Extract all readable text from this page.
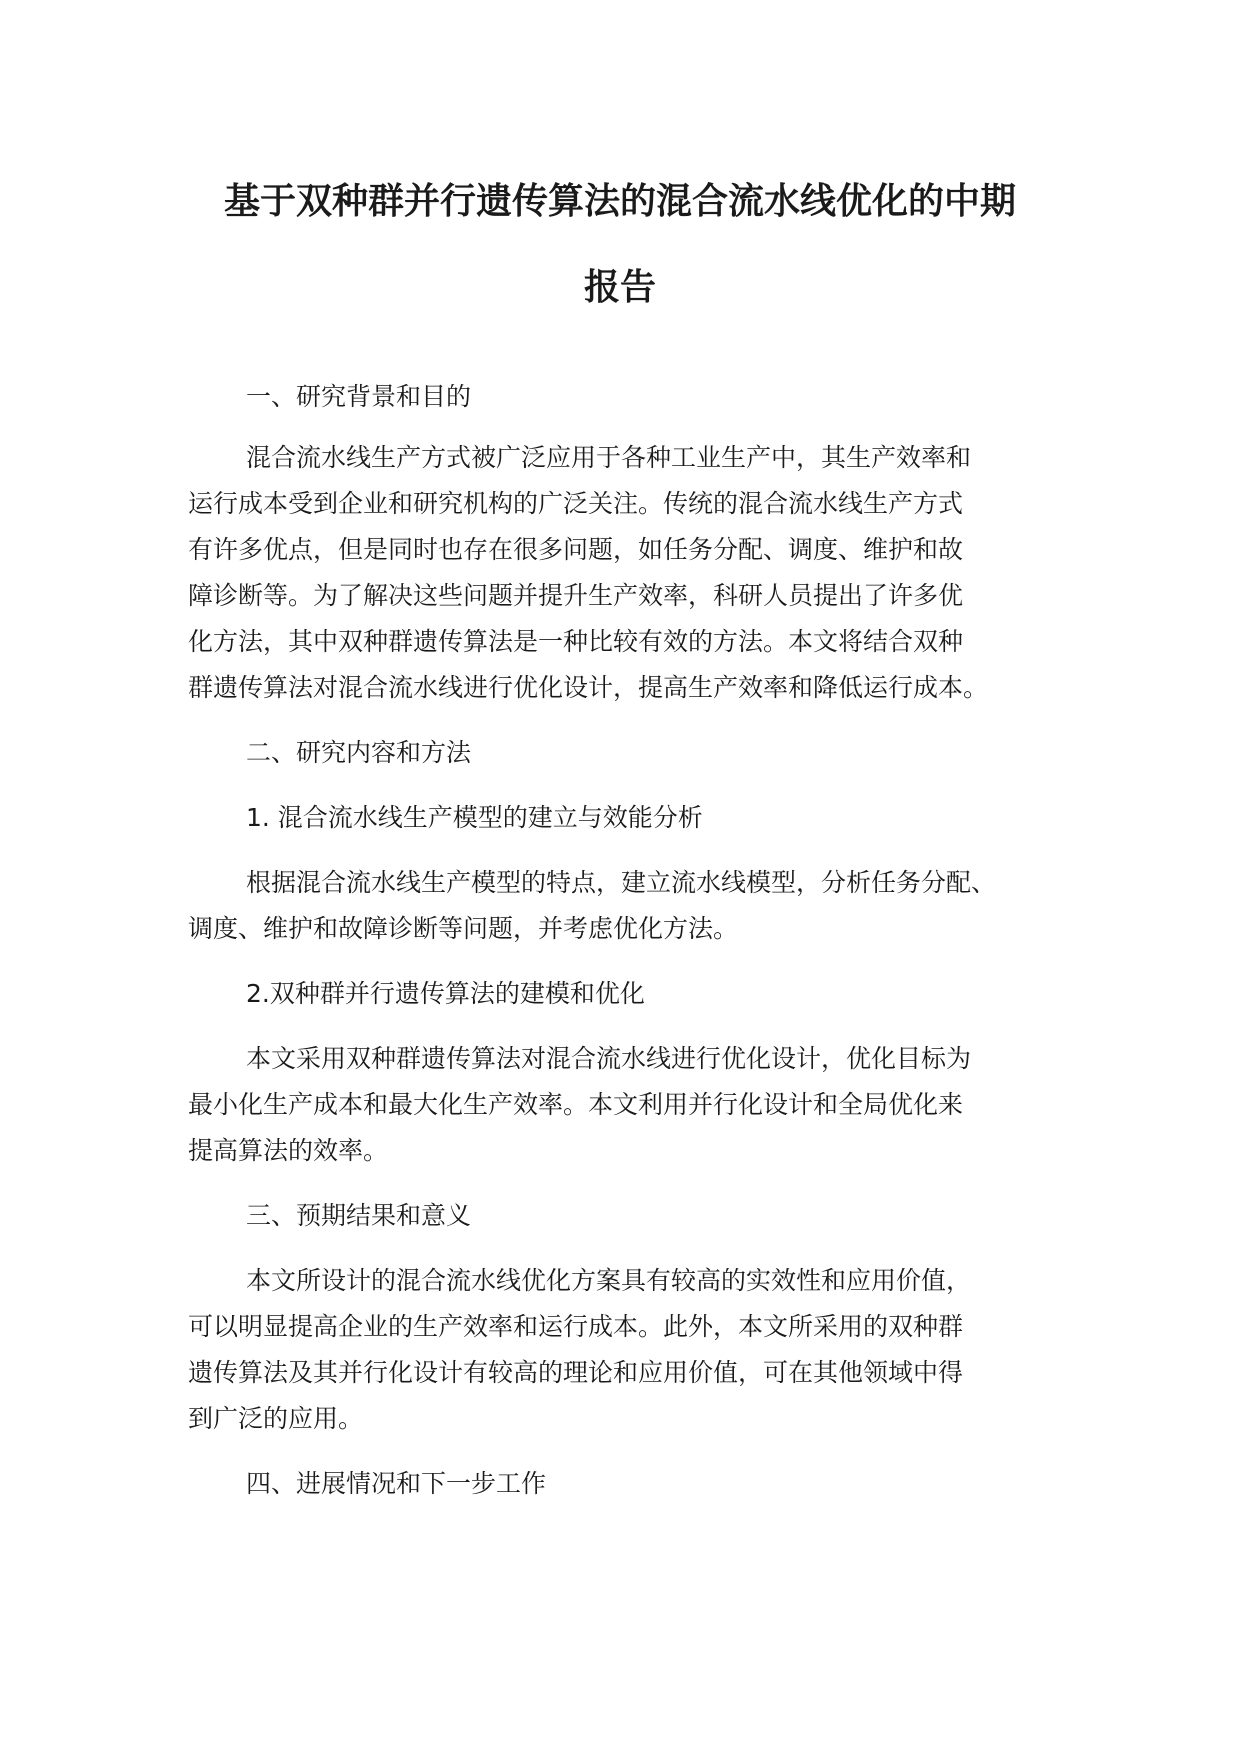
基于双种群并行遗传算法的混合流水线优化的中期
报告

一、研究背景和目的

混合流水线生产方式被广泛应用于各种工业生产中，其生产效率和

运行成本受到企业和研究机构的广泛关注。传统的混合流水线生产方式

有许多优点，但是同时也存在很多问题，如任务分配、调度、维护和故

障诊断等。为了解决这些问题并提升生产效率，科研人员提出了许多优

化方法，其中双种群遗传算法是一种比较有效的方法。本文将结合双种

群遗传算法对混合流水线进行优化设计，提高生产效率和降低运行成本。

二、研究内容和方法

1. 混合流水线生产模型的建立与效能分析

根据混合流水线生产模型的特点，建立流水线模型，分析任务分配、

调度、维护和故障诊断等问题，并考虑优化方法。

2.双种群并行遗传算法的建模和优化

本文采用双种群遗传算法对混合流水线进行优化设计，优化目标为

最小化生产成本和最大化生产效率。本文利用并行化设计和全局优化来

提高算法的效率。

三、预期结果和意义

本文所设计的混合流水线优化方案具有较高的实效性和应用价值，

可以明显提高企业的生产效率和运行成本。此外，本文所采用的双种群

遗传算法及其并行化设计有较高的理论和应用价值，可在其他领域中得

到广泛的应用。

四、进展情况和下一步工作
